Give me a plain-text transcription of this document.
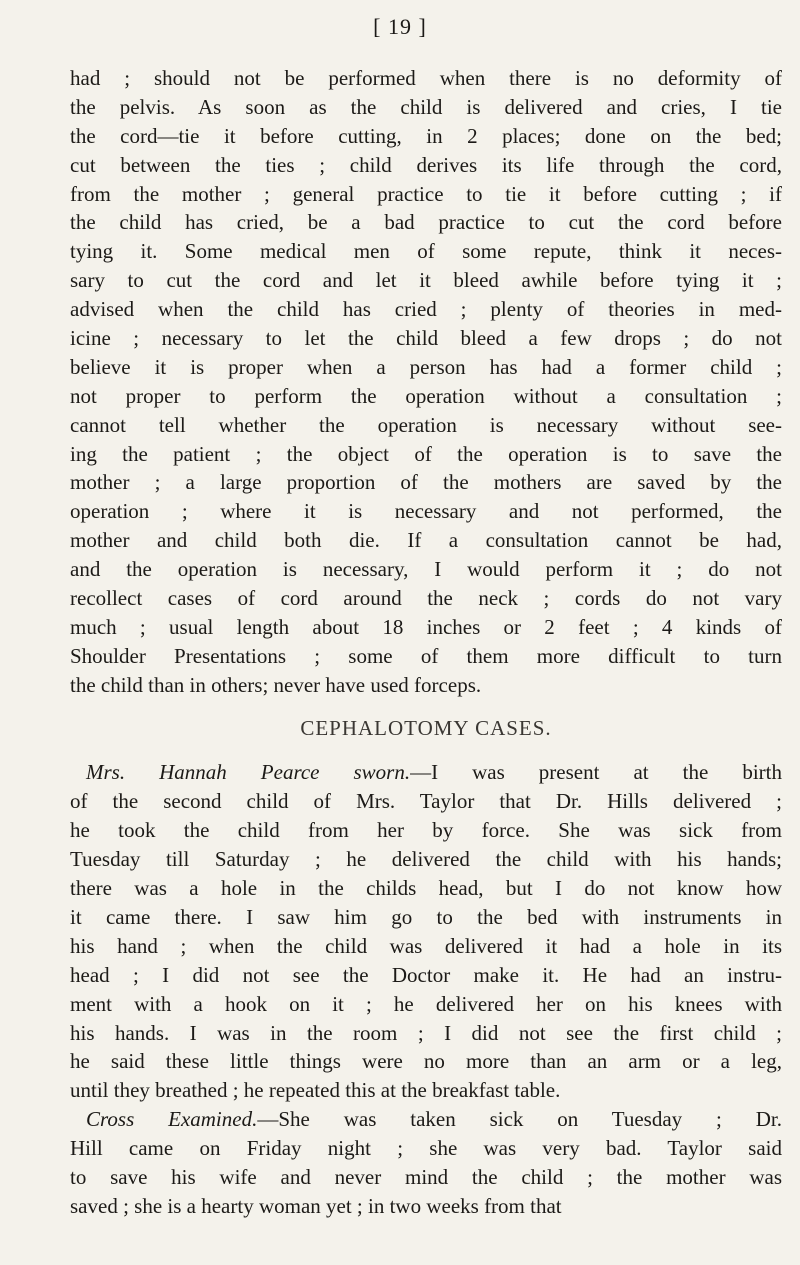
[ 19 ]
had ; should not be performed when there is no deformity of
the pelvis. As soon as the child is delivered and cries, I tie
the cord—tie it before cutting, in 2 places; done on the bed;
cut between the ties ; child derives its life through the cord,
from the mother ; general practice to tie it before cutting ; if
the child has cried, be a bad practice to cut the cord before
tying it. Some medical men of some repute, think it neces-
sary to cut the cord and let it bleed awhile before tying it ;
advised when the child has cried ; plenty of theories in med-
icine ; necessary to let the child bleed a few drops ; do not
believe it is proper when a person has had a former child ;
not proper to perform the operation without a consultation ;
cannot tell whether the operation is necessary without see-
ing the patient ; the object of the operation is to save the
mother ; a large proportion of the mothers are saved by the
operation ; where it is necessary and not performed, the
mother and child both die. If a consultation cannot be had,
and the operation is necessary, I would perform it ; do not
recollect cases of cord around the neck ; cords do not vary
much ; usual length about 18 inches or 2 feet ; 4 kinds of
Shoulder Presentations ; some of them more difficult to turn
the child than in others; never have used forceps.
CEPHALOTOMY CASES.
Mrs. Hannah Pearce sworn.—I was present at the birth
of the second child of Mrs. Taylor that Dr. Hills delivered ;
he took the child from her by force. She was sick from
Tuesday till Saturday ; he delivered the child with his hands;
there was a hole in the childs head, but I do not know how
it came there. I saw him go to the bed with instruments in
his hand ; when the child was delivered it had a hole in its
head ; I did not see the Doctor make it. He had an instru-
ment with a hook on it ; he delivered her on his knees with
his hands. I was in the room ; I did not see the first child ;
he said these little things were no more than an arm or a leg,
until they breathed ; he repeated this at the breakfast table.
Cross Examined.—She was taken sick on Tuesday ; Dr.
Hill came on Friday night ; she was very bad. Taylor said
to save his wife and never mind the child ; the mother was
saved ; she is a hearty woman yet ; in two weeks from that
